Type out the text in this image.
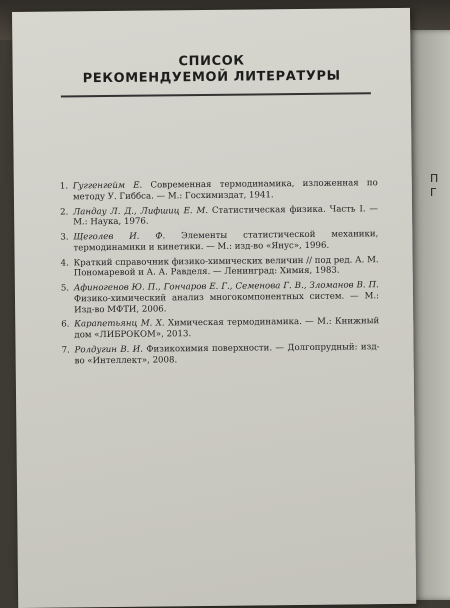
П
Г
СПИСОК
РЕКОМЕНДУЕМОЙ ЛИТЕРАТУРЫ
1. Гуггенгейм Е. Современная термодинамика, изложенная по методу У. Гиббса. — М.: Госхимиздат, 1941.
2. Ландау Л. Д., Лифшиц Е. М. Статистическая физика. Часть I. — М.: Наука, 1976.
3. Щеголев И. Ф. Элементы статистической механики, термодинамики и кинетики. — М.: изд-во «Янус», 1996.
4. Краткий справочник физико-химических величин // под ред. А. М. Пономаревой и А. А. Равделя. — Ленинград: Химия, 1983.
5. Афиногенов Ю. П., Гончаров Е. Г., Семенова Г. В., Зломанов В. П. Физико-химический анализ многокомпонентных систем. — М.: Изд-во МФТИ, 2006.
6. Карапетьянц М. Х. Химическая термодинамика. — М.: Книжный дом «ЛИБРОКОМ», 2013.
7. Ролдугин В. И. Физикохимия поверхности. — Долгопрудный: изд-во «Интеллект», 2008.
